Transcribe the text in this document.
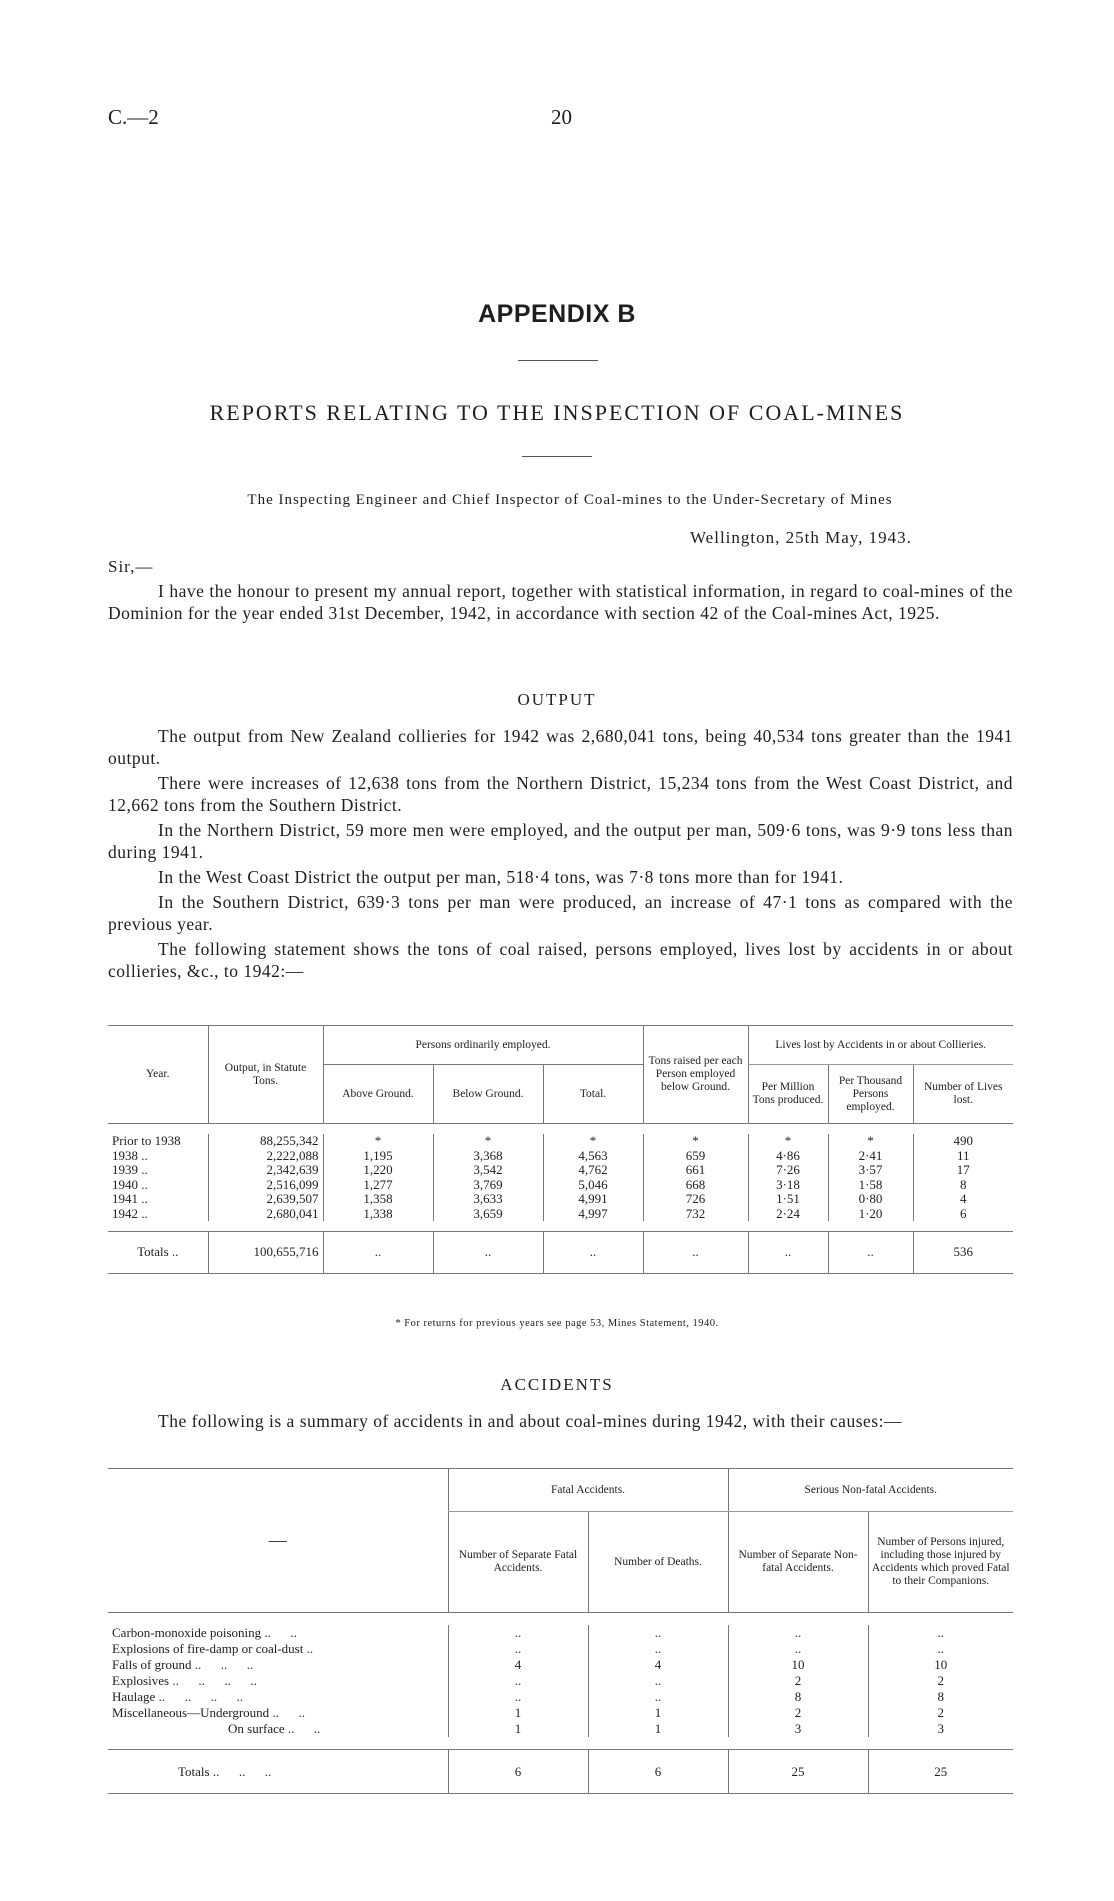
C.—2	20
APPENDIX B
REPORTS RELATING TO THE INSPECTION OF COAL-MINES
The Inspecting Engineer and Chief Inspector of Coal-mines to the Under-Secretary of Mines
Wellington, 25th May, 1943.
Sir,—

I have the honour to present my annual report, together with statistical information, in regard to coal-mines of the Dominion for the year ended 31st December, 1942, in accordance with section 42 of the Coal-mines Act, 1925.

OUTPUT

The output from New Zealand collieries for 1942 was 2,680,041 tons, being 40,534 tons greater than the 1941 output.

There were increases of 12,638 tons from the Northern District, 15,234 tons from the West Coast District, and 12,662 tons from the Southern District.

In the Northern District, 59 more men were employed, and the output per man, 509·6 tons, was 9·9 tons less than during 1941.

In the West Coast District the output per man, 518·4 tons, was 7·8 tons more than for 1941.

In the Southern District, 639·3 tons per man were produced, an increase of 47·1 tons as compared with the previous year.

The following statement shows the tons of coal raised, persons employed, lives lost by accidents in or about collieries, &c., to 1942:—

Year.	Output, in Statute Tons.	Persons ordinarily employed.			Tons raised per each Person employed below Ground.	Lives lost by Accidents in or about Collieries.		
		Above Ground.	Below Ground.	Total.		Per Million Tons produced.	Per Thousand Persons employed.	Number of Lives lost.

Prior to 1938	88,255,342	*	*	*	*	*	*	490
1938 ..	2,222,088	1,195	3,368	4,563	659	4·86	2·41	11
1939 ..	2,342,639	1,220	3,542	4,762	661	7·26	3·57	17
1940 ..	2,516,099	1,277	3,769	5,046	668	3·18	1·58	8
1941 ..	2,639,507	1,358	3,633	4,991	726	1·51	0·80	4
1942 ..	2,680,041	1,338	3,659	4,997	732	2·24	1·20	6

Totals ..	100,655,716	..	..	..	..	..	..	536
* For returns for previous years see page 53, Mines Statement, 1940.
ACCIDENTS

The following is a summary of accidents in and about coal-mines during 1942, with their causes:—

—	Fatal Accidents.		Serious Non-fatal Accidents.	
	Number of Separate Fatal Accidents.	Number of Deaths.	Number of Separate Non-fatal Accidents.	Number of Persons injured, including those injured by Accidents which proved Fatal to their Companions.

Carbon-monoxide poisoning ..      ..	..	..	..	..
Explosions of fire-damp or coal-dust ..	..	..	..	..
Falls of ground ..      ..      ..	4	4	10	10
Explosives ..      ..      ..      ..	..	..	2	2
Haulage ..      ..      ..      ..	..	..	8	8
Miscellaneous—Underground ..      ..	1	1	2	2
On surface ..      ..	1	1	3	3

Totals ..      ..      ..	6	6	25	25
